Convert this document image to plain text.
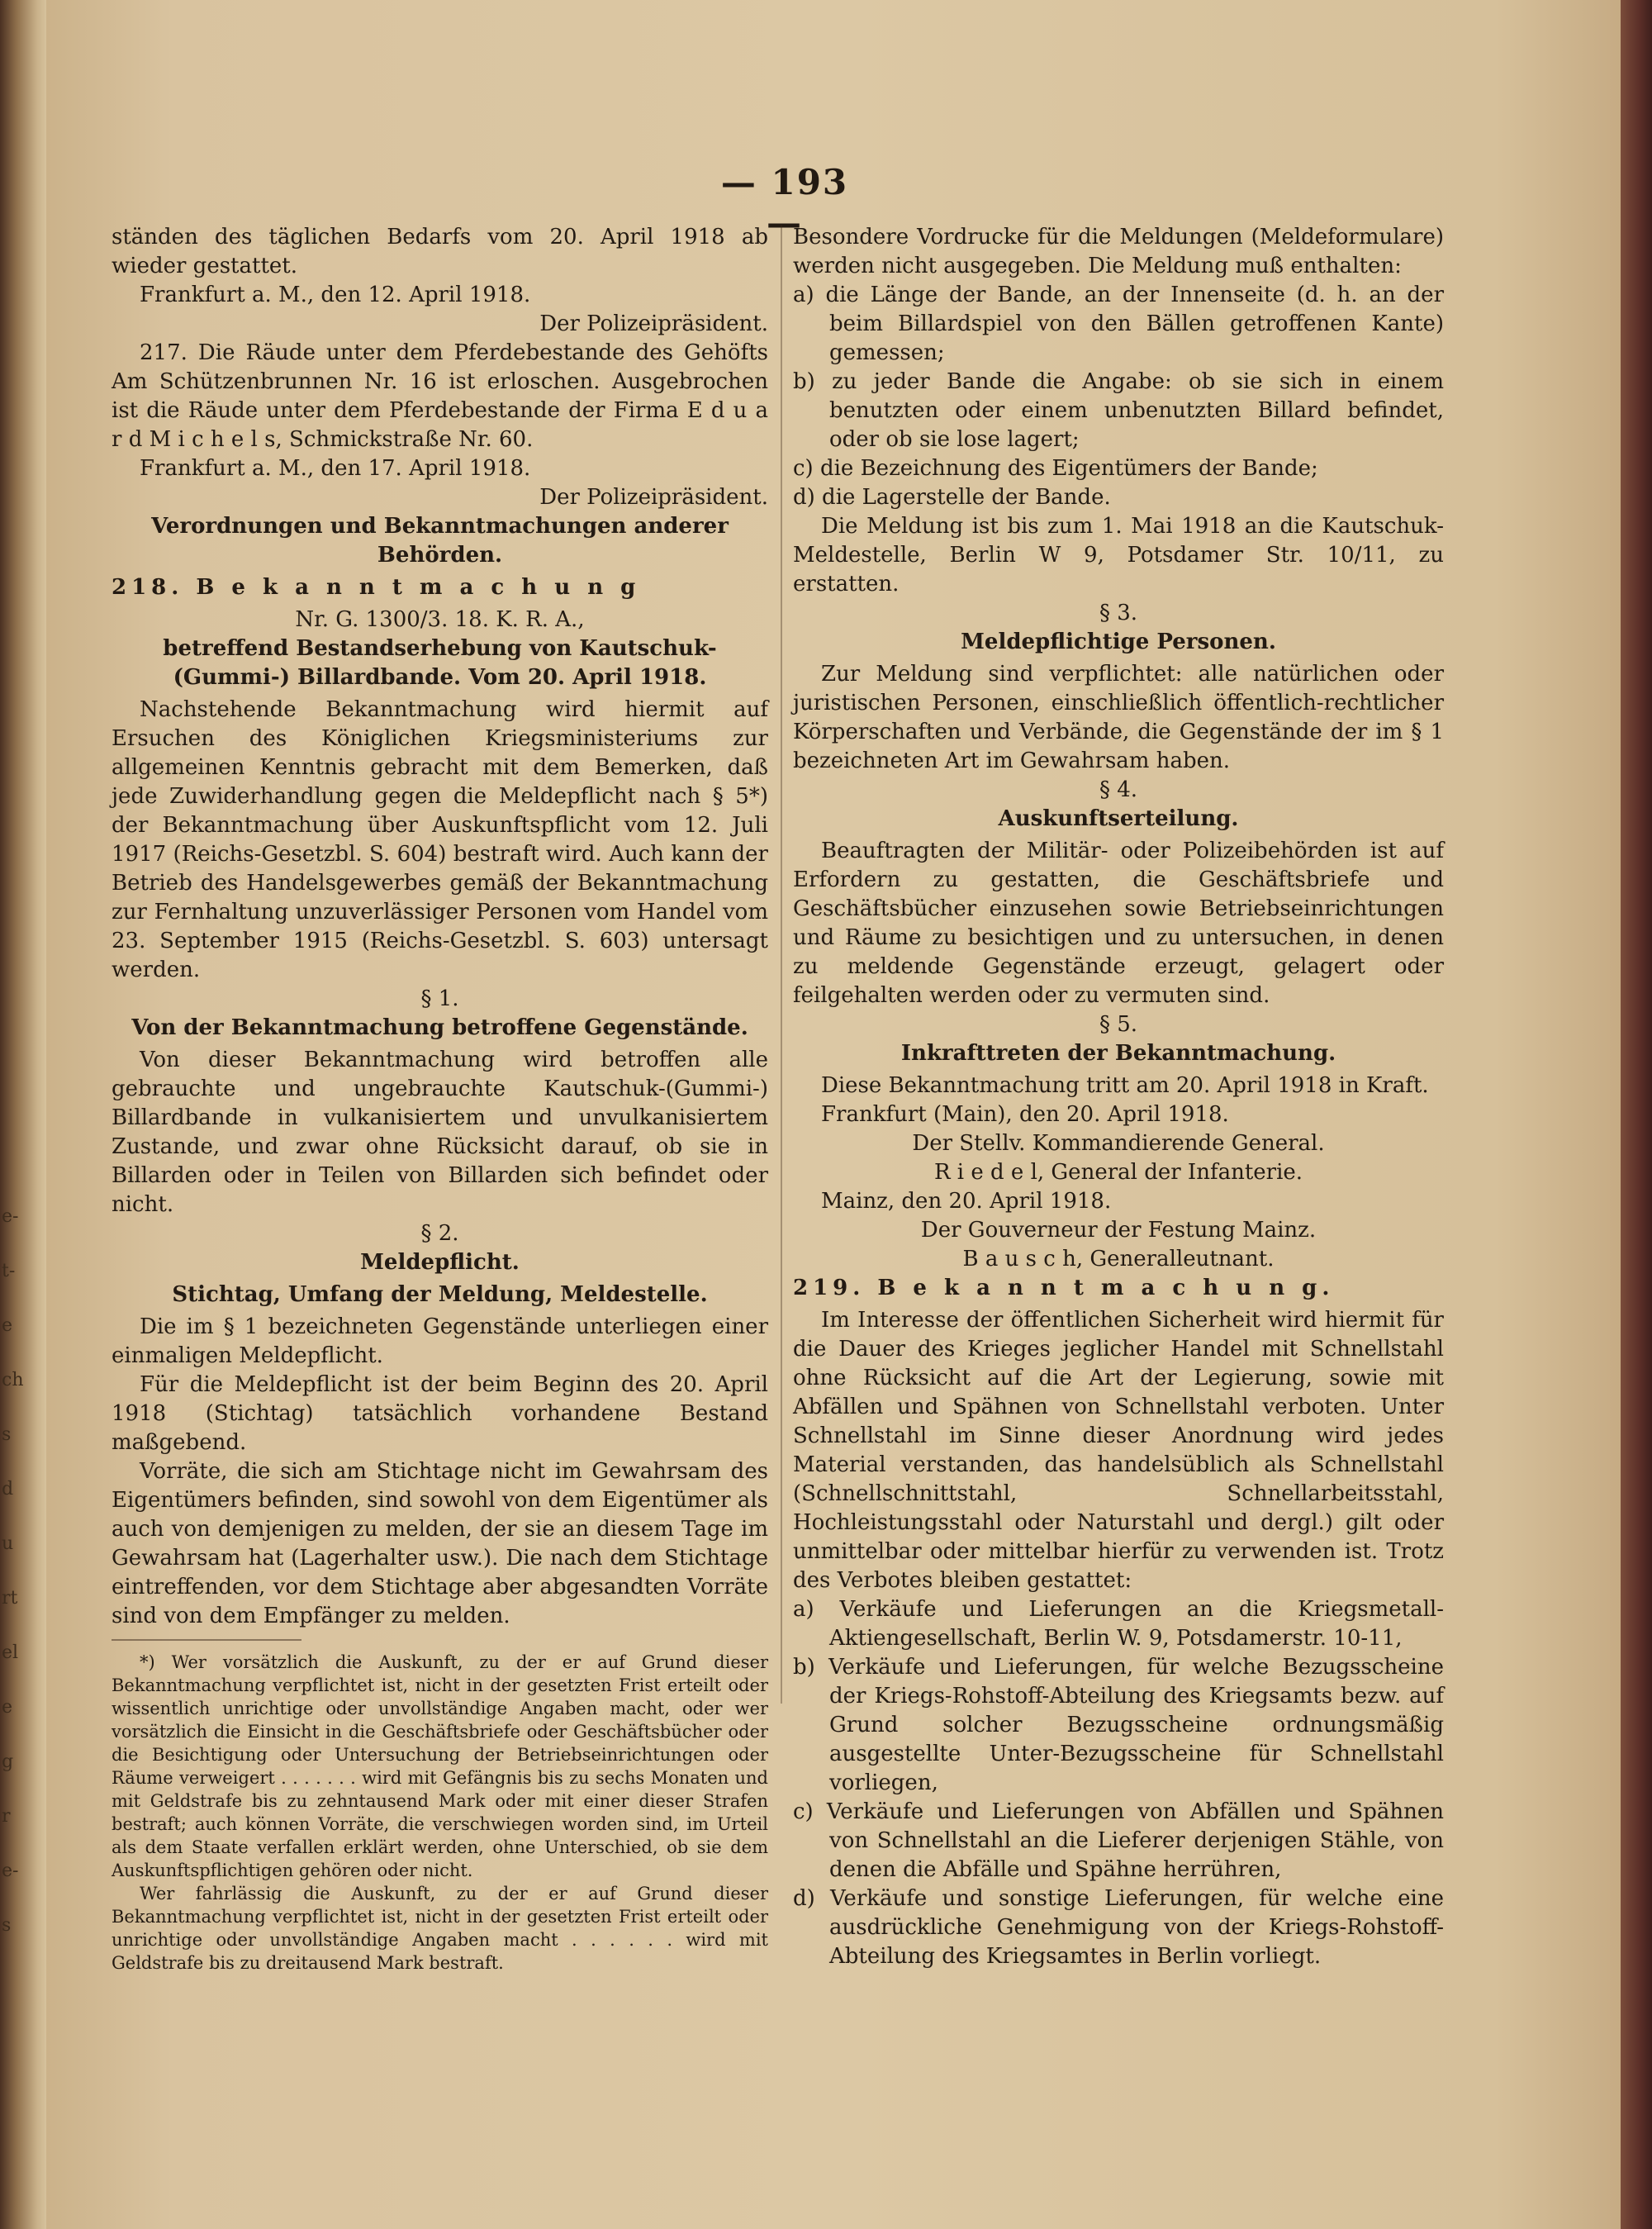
e-
t-
e
ch
s
d
u
rt
el
e
g
r
e-
s
— 193 —

ständen des täglichen Bedarfs vom 20. April 1918 ab wieder gestattet.

Frankfurt a. M., den 12. April 1918.

Der Polizeipräsident.

217. Die Räude unter dem Pferdebestande des Gehöfts Am Schützenbrunnen Nr. 16 ist erloschen. Ausgebrochen ist die Räude unter dem Pferdebestande der Firma E d u a r d M i c h e l s, Schmickstraße Nr. 60.

Frankfurt a. M., den 17. April 1918.

Der Polizeipräsident.

Verordnungen und Bekanntmachungen anderer Behörden.

218. B e k a n n t m a c h u n g

Nr. G. 1300/3. 18. K. R. A.,

betreffend Bestandserhebung von Kautschuk-(Gummi-) Billardbande. Vom 20. April 1918.

Nachstehende Bekanntmachung wird hiermit auf Ersuchen des Königlichen Kriegsministeriums zur allgemeinen Kenntnis gebracht mit dem Bemerken, daß jede Zuwiderhandlung gegen die Meldepflicht nach § 5*) der Bekanntmachung über Auskunftspflicht vom 12. Juli 1917 (Reichs-Gesetzbl. S. 604) bestraft wird. Auch kann der Betrieb des Handelsgewerbes gemäß der Bekanntmachung zur Fernhaltung unzuverlässiger Personen vom Handel vom 23. September 1915 (Reichs-Gesetzbl. S. 603) untersagt werden.

§ 1.

Von der Bekanntmachung betroffene Gegenstände.

Von dieser Bekanntmachung wird betroffen alle gebrauchte und ungebrauchte Kautschuk-(Gummi-) Billardbande in vulkanisiertem und unvulkanisiertem Zustande, und zwar ohne Rücksicht darauf, ob sie in Billarden oder in Teilen von Billarden sich befindet oder nicht.

§ 2.

Meldepflicht.

Stichtag, Umfang der Meldung, Meldestelle.

Die im § 1 bezeichneten Gegenstände unterliegen einer einmaligen Meldepflicht.

Für die Meldepflicht ist der beim Beginn des 20. April 1918 (Stichtag) tatsächlich vorhandene Bestand maßgebend.

Vorräte, die sich am Stichtage nicht im Gewahrsam des Eigentümers befinden, sind sowohl von dem Eigentümer als auch von demjenigen zu melden, der sie an diesem Tage im Gewahrsam hat (Lagerhalter usw.). Die nach dem Stichtage eintreffenden, vor dem Stichtage aber abgesandten Vorräte sind von dem Empfänger zu melden.

*) Wer vorsätzlich die Auskunft, zu der er auf Grund dieser Bekanntmachung verpflichtet ist, nicht in der gesetzten Frist erteilt oder wissentlich unrichtige oder unvollständige Angaben macht, oder wer vorsätzlich die Einsicht in die Geschäftsbriefe oder Geschäftsbücher oder die Besichtigung oder Untersuchung der Betriebseinrichtungen oder Räume verweigert . . . . . . . wird mit Gefängnis bis zu sechs Monaten und mit Geldstrafe bis zu zehntausend Mark oder mit einer dieser Strafen bestraft; auch können Vorräte, die verschwiegen worden sind, im Urteil als dem Staate verfallen erklärt werden, ohne Unterschied, ob sie dem Auskunftspflichtigen gehören oder nicht.

Wer fahrlässig die Auskunft, zu der er auf Grund dieser Bekanntmachung verpflichtet ist, nicht in der gesetzten Frist erteilt oder unrichtige oder unvollständige Angaben macht . . . . . . wird mit Geldstrafe bis zu dreitausend Mark bestraft.

Besondere Vordrucke für die Meldungen (Meldeformulare) werden nicht ausgegeben. Die Meldung muß enthalten:

a) die Länge der Bande, an der Innenseite (d. h. an der beim Billardspiel von den Bällen getroffenen Kante) gemessen;

b) zu jeder Bande die Angabe: ob sie sich in einem benutzten oder einem unbenutzten Billard befindet, oder ob sie lose lagert;

c) die Bezeichnung des Eigentümers der Bande;

d) die Lagerstelle der Bande.

Die Meldung ist bis zum 1. Mai 1918 an die Kautschuk-Meldestelle, Berlin W 9, Potsdamer Str. 10/11, zu erstatten.

§ 3.

Meldepflichtige Personen.

Zur Meldung sind verpflichtet: alle natürlichen oder juristischen Personen, einschließlich öffentlich-rechtlicher Körperschaften und Verbände, die Gegenstände der im § 1 bezeichneten Art im Gewahrsam haben.

§ 4.

Auskunftserteilung.

Beauftragten der Militär- oder Polizeibehörden ist auf Erfordern zu gestatten, die Geschäftsbriefe und Geschäftsbücher einzusehen sowie Betriebseinrichtungen und Räume zu besichtigen und zu untersuchen, in denen zu meldende Gegenstände erzeugt, gelagert oder feilgehalten werden oder zu vermuten sind.

§ 5.

Inkrafttreten der Bekanntmachung.

Diese Bekanntmachung tritt am 20. April 1918 in Kraft.

Frankfurt (Main), den 20. April 1918.

Der Stellv. Kommandierende General.

R i e d e l, General der Infanterie.

Mainz, den 20. April 1918.

Der Gouverneur der Festung Mainz.

B a u s c h, Generalleutnant.

219. B e k a n n t m a c h u n g.

Im Interesse der öffentlichen Sicherheit wird hiermit für die Dauer des Krieges jeglicher Handel mit Schnellstahl ohne Rücksicht auf die Art der Legierung, sowie mit Abfällen und Spähnen von Schnellstahl verboten. Unter Schnellstahl im Sinne dieser Anordnung wird jedes Material verstanden, das handelsüblich als Schnellstahl (Schnellschnittstahl, Schnellarbeitsstahl, Hochleistungsstahl oder Naturstahl und dergl.) gilt oder unmittelbar oder mittelbar hierfür zu verwenden ist. Trotz des Verbotes bleiben gestattet:

a) Verkäufe und Lieferungen an die Kriegsmetall-Aktiengesellschaft, Berlin W. 9, Potsdamerstr. 10-11,

b) Verkäufe und Lieferungen, für welche Bezugsscheine der Kriegs-Rohstoff-Abteilung des Kriegsamts bezw. auf Grund solcher Bezugsscheine ordnungsmäßig ausgestellte Unter-Bezugsscheine für Schnellstahl vorliegen,

c) Verkäufe und Lieferungen von Abfällen und Spähnen von Schnellstahl an die Lieferer derjenigen Stähle, von denen die Abfälle und Spähne herrühren,

d) Verkäufe und sonstige Lieferungen, für welche eine ausdrückliche Genehmigung von der Kriegs-Rohstoff-Abteilung des Kriegsamtes in Berlin vorliegt.
